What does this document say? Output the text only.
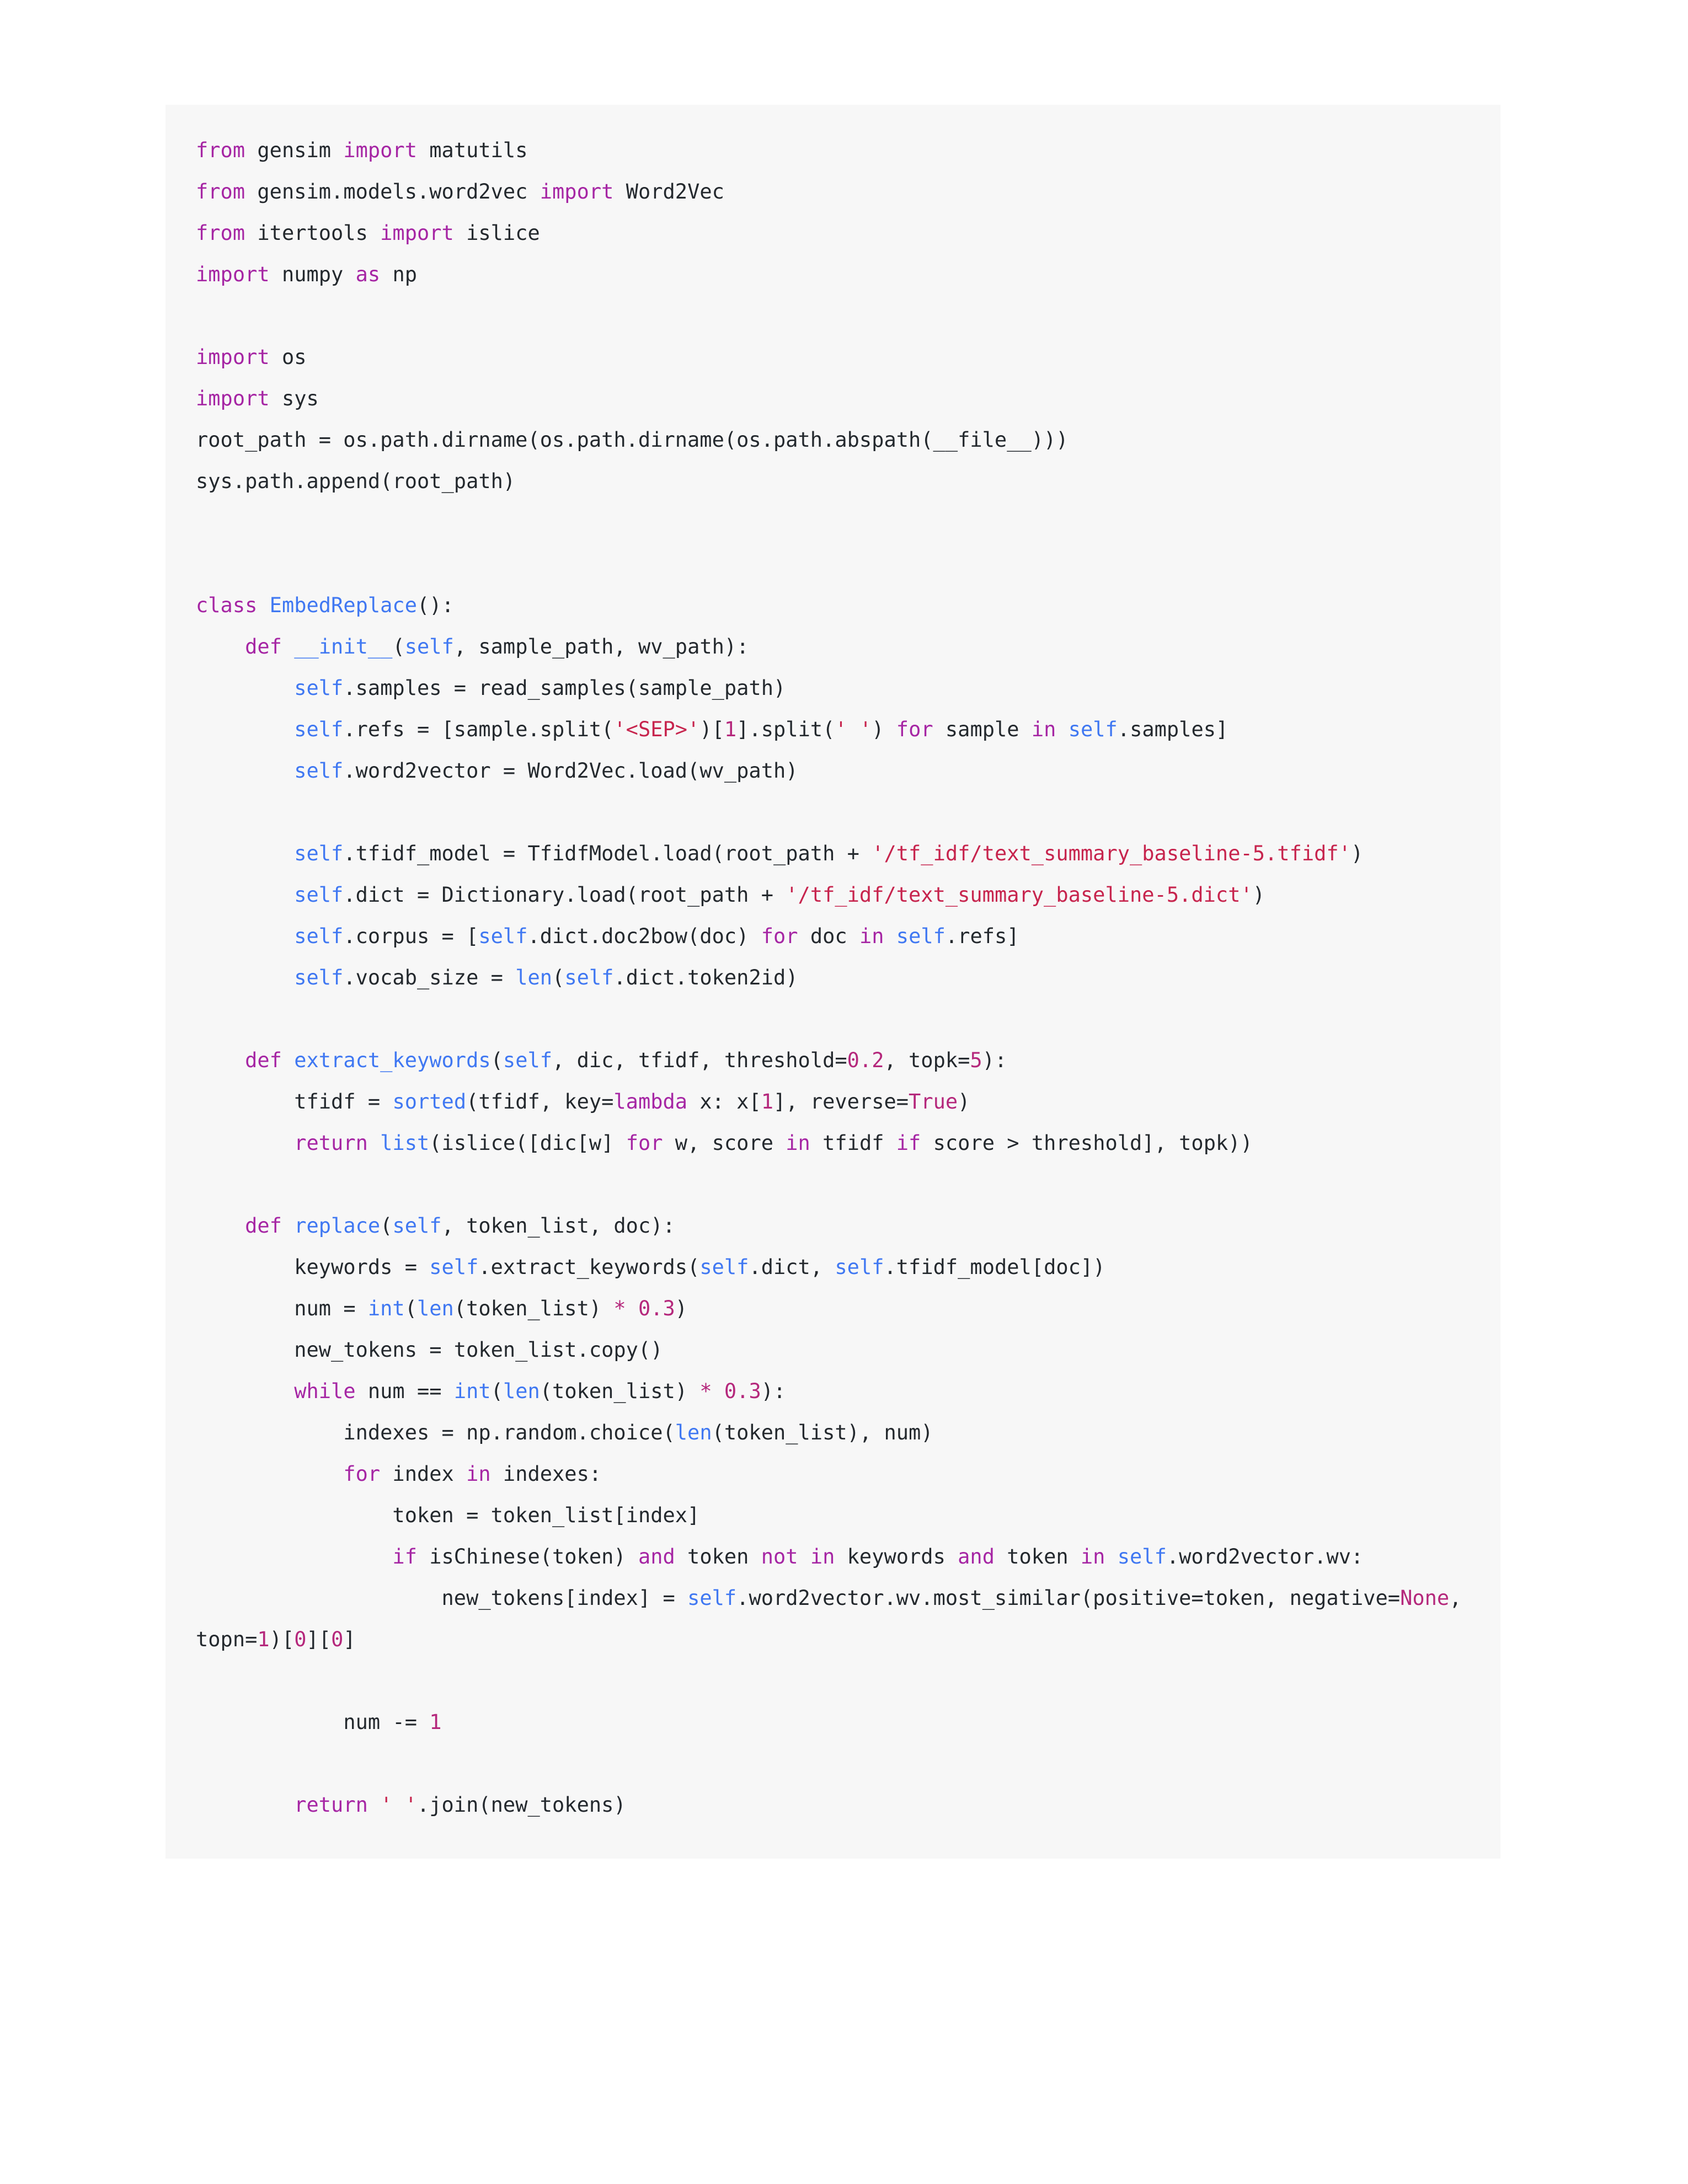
from gensim import matutils
from gensim.models.word2vec import Word2Vec
from itertools import islice
import numpy as np
import os
import sys
root_path = os.path.dirname(os.path.dirname(os.path.abspath(__file__)))
sys.path.append(root_path)
class EmbedReplace():
def __init__(self, sample_path, wv_path):
self.samples = read_samples(sample_path)
self.refs = [sample.split('<SEP>')[1].split(' ') for sample in self.samples]
self.word2vector = Word2Vec.load(wv_path)
self.tfidf_model = TfidfModel.load(root_path + '/tf_idf/text_summary_baseline-5.tfidf')
self.dict = Dictionary.load(root_path + '/tf_idf/text_summary_baseline-5.dict')
self.corpus = [self.dict.doc2bow(doc) for doc in self.refs]
self.vocab_size = len(self.dict.token2id)
def extract_keywords(self, dic, tfidf, threshold=0.2, topk=5):
tfidf = sorted(tfidf, key=lambda x: x[1], reverse=True)
return list(islice([dic[w] for w, score in tfidf if score > threshold], topk))
def replace(self, token_list, doc):
keywords = self.extract_keywords(self.dict, self.tfidf_model[doc])
num = int(len(token_list) * 0.3)
new_tokens = token_list.copy()
while num == int(len(token_list) * 0.3):
indexes = np.random.choice(len(token_list), num)
for index in indexes:
token = token_list[index]
if isChinese(token) and token not in keywords and token in self.word2vector.wv:
new_tokens[index] = self.word2vector.wv.most_similar(positive=token, negative=None, topn=1)[0][0]
num -= 1
return ' '.join(new_tokens)
